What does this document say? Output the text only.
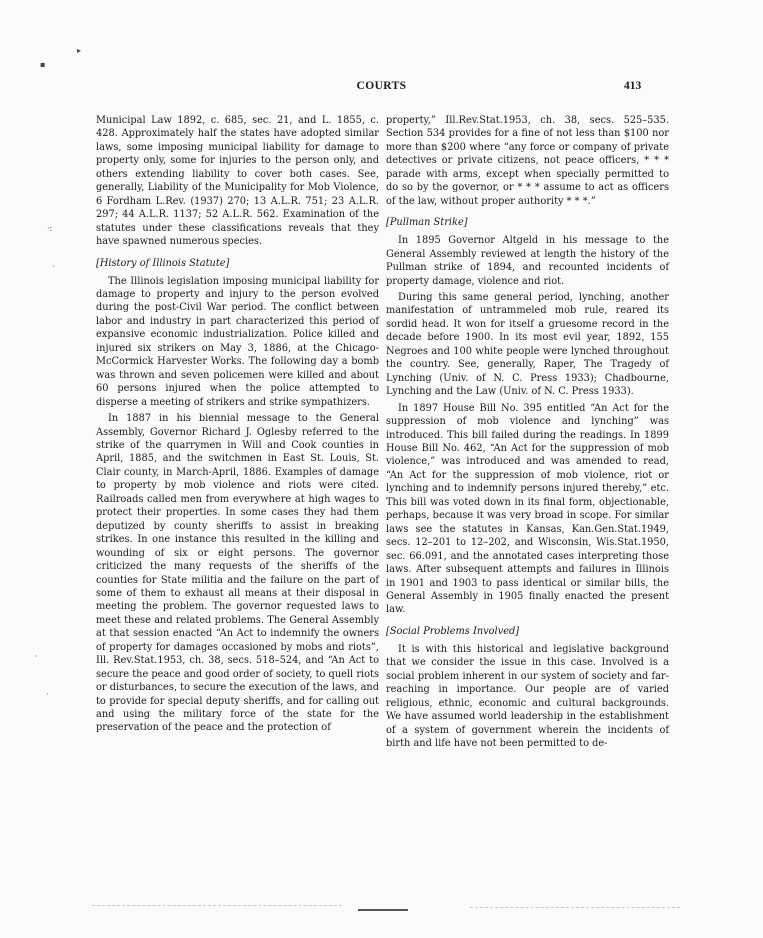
▸
▪
·:
·
·
·
COURTS	413

Municipal Law 1892, c. 685, sec. 21, and L. 1855, c. 428. Approximately half the states have adopted similar laws, some imposing municipal liability for damage to property only, some for injuries to the person only, and others extending liability to cover both cases. See, generally, Liability of the Municipality for Mob Violence, 6 Fordham L.Rev. (1937) 270; 13 A.L.R. 751; 23 A.L.R. 297; 44 A.L.R. 1137; 52 A.L.R. 562. Examination of the statutes under these classifications reveals that they have spawned numerous species.

[History of Illinois Statute]

The Illinois legislation imposing municipal liability for damage to property and injury to the person evolved during the post-Civil War period. The conflict between labor and industry in part characterized this period of expansive economic industrialization. Police killed and injured six strikers on May 3, 1886, at the Chicago-McCormick Harvester Works. The following day a bomb was thrown and seven policemen were killed and about 60 persons injured when the police attempted to disperse a meeting of strikers and strike sympathizers.

In 1887 in his biennial message to the General Assembly, Governor Richard J. Oglesby referred to the strike of the quarrymen in Will and Cook counties in April, 1885, and the switchmen in East St. Louis, St. Clair county, in March-April, 1886. Examples of damage to property by mob violence and riots were cited. Railroads called men from everywhere at high wages to protect their properties. In some cases they had them deputized by county sheriffs to assist in breaking strikes. In one instance this resulted in the killing and wounding of six or eight persons. The governor criticized the many requests of the sheriffs of the counties for State militia and the failure on the part of some of them to exhaust all means at their disposal in meeting the problem. The governor requested laws to meet these and related problems. The General Assembly at that session enacted “An Act to indemnify the owners of property for damages occasioned by mobs and riots”, Ill. Rev.Stat.1953, ch. 38, secs. 518–524, and “An Act to secure the peace and good order of society, to quell riots or disturbances, to secure the execution of the laws, and to provide for special deputy sheriffs, and for calling out and using the military force of the state for the preservation of the peace and the protection of

property,” Ill.Rev.Stat.1953, ch. 38, secs. 525–535. Section 534 provides for a fine of not less than $100 nor more than $200 where “any force or company of private detectives or private citizens, not peace officers, * * * parade with arms, except when specially permitted to do so by the governor, or * * * assume to act as officers of the law, without proper authority * * *.”

[Pullman Strike]

In 1895 Governor Altgeld in his message to the General Assembly reviewed at length the history of the Pullman strike of 1894, and recounted incidents of property damage, violence and riot.

During this same general period, lynching, another manifestation of untrammeled mob rule, reared its sordid head. It won for itself a gruesome record in the decade before 1900. In its most evil year, 1892, 155 Negroes and 100 white people were lynched throughout the country. See, generally, Raper, The Tragedy of Lynching (Univ. of N. C. Press 1933); Chadbourne, Lynching and the Law (Univ. of N. C. Press 1933).

In 1897 House Bill No. 395 entitled “An Act for the suppression of mob violence and lynching” was introduced. This bill failed during the readings. In 1899 House Bill No. 462, “An Act for the suppression of mob violence,” was introduced and was amended to read, “An Act for the suppression of mob violence, riot or lynching and to indemnify persons injured thereby,” etc. This bill was voted down in its final form, objectionable, perhaps, because it was very broad in scope. For similar laws see the statutes in Kansas, Kan.Gen.Stat.1949, secs. 12–201 to 12–202, and Wisconsin, Wis.Stat.1950, sec. 66.091, and the annotated cases interpreting those laws. After subsequent attempts and failures in Illinois in 1901 and 1903 to pass identical or similar bills, the General Assembly in 1905 finally enacted the present law.

[Social Problems Involved]

It is with this historical and legislative background that we consider the issue in this case. Involved is a social problem inherent in our system of society and far-reaching in importance. Our people are of varied religious, ethnic, economic and cultural backgrounds. We have assumed world leadership in the establishment of a system of government wherein the incidents of birth and life have not been permitted to de-
